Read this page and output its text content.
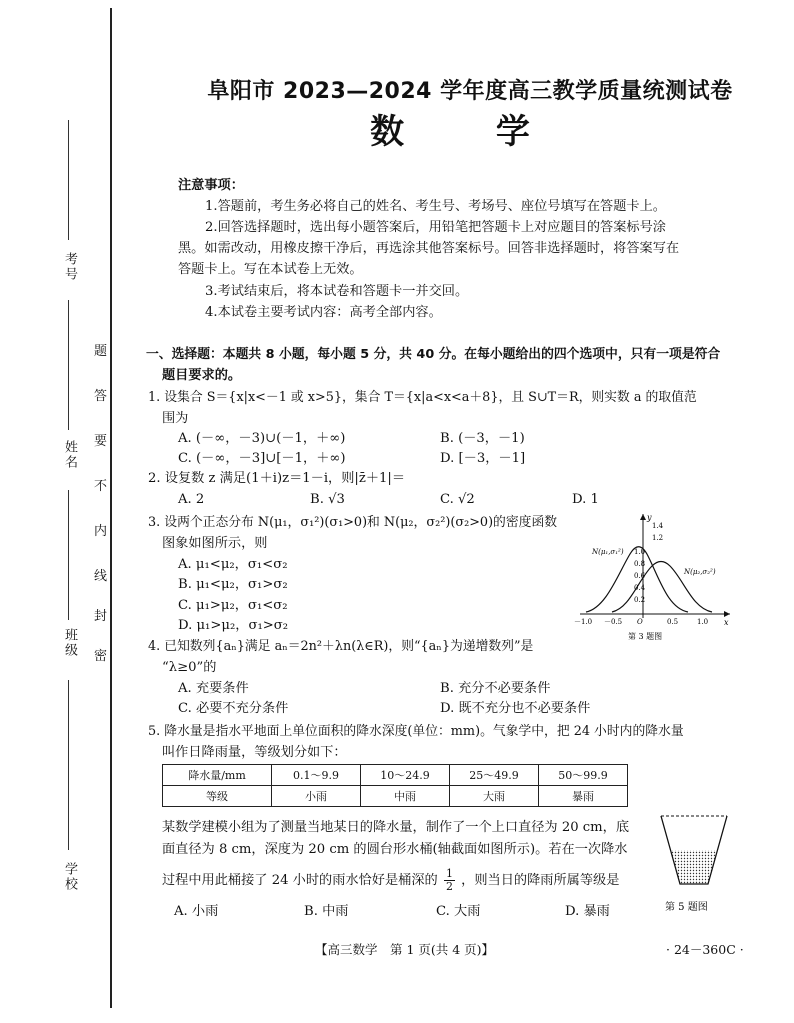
考号
姓名
班级
学校
题
答
要
不
内
线
封
密
阜阳市 2023—2024 学年度高三教学质量统测试卷
数 学
注意事项：
1.答题前，考生务必将自己的姓名、考生号、考场号、座位号填写在答题卡上。
2.回答选择题时，选出每小题答案后，用铅笔把答题卡上对应题目的答案标号涂
黑。如需改动，用橡皮擦干净后，再选涂其他答案标号。回答非选择题时，将答案写在
答题卡上。写在本试卷上无效。
3.考试结束后，将本试卷和答题卡一并交回。
4.本试卷主要考试内容：高考全部内容。
一、选择题：本题共 8 小题，每小题 5 分，共 40 分。在每小题给出的四个选项中，只有一项是符合
题目要求的。
1. 设集合 S＝{x|x<－1 或 x>5}，集合 T＝{x|a<x<a＋8}，且 S∪T＝R，则实数 a 的取值范
围为
A. (－∞，－3)∪(－1，＋∞)	B. (－3，－1)
C. (－∞，－3]∪[－1，＋∞)	D. [－3，－1]
2. 设复数 z 满足(1＋i)z＝1－i，则|z̄＋1|＝
A. 2	B. √3	C. √2	D. 1
3. 设两个正态分布 N(μ₁，σ₁²)(σ₁>0)和 N(μ₂，σ₂²)(σ₂>0)的密度函数
图象如图所示，则
A. μ₁<μ₂，σ₁<σ₂
B. μ₁<μ₂，σ₁>σ₂
C. μ₁>μ₂，σ₁<σ₂
D. μ₁>μ₂，σ₁>σ₂
y
x
1.4
1.2
1.0
0.8
0.6
0.4
0.2
－1.0 －0.5 O	0.5	1.0
N(μ₁,σ₁²)
N(μ₂,σ₂²)
第 3 题图
4. 已知数列{aₙ}满足 aₙ＝2n²＋λn(λ∈R)，则“{aₙ}为递增数列”是
“λ≥0”的
A. 充要条件	B. 充分不必要条件
C. 必要不充分条件	D. 既不充分也不必要条件
5. 降水量是指水平地面上单位面积的降水深度(单位：mm)。气象学中，把 24 小时内的降水量
叫作日降雨量，等级划分如下：
降水量/mm	0.1～9.9	10～24.9	25～49.9	50～99.9
等级	小雨	中雨	大雨	暴雨
某数学建模小组为了测量当地某日的降水量，制作了一个上口直径为 20 cm，底
面直径为 8 cm，深度为 20 cm 的圆台形水桶(轴截面如图所示)。若在一次降水
过程中用此桶接了 24 小时的雨水恰好是桶深的 $\frac{1}{2}$ ，则当日的降雨所属等级是
A. 小雨	B. 中雨	C. 大雨	D. 暴雨	第 5 题图
【高三数学　第 1 页(共 4 页)】	· 24－360C ·
